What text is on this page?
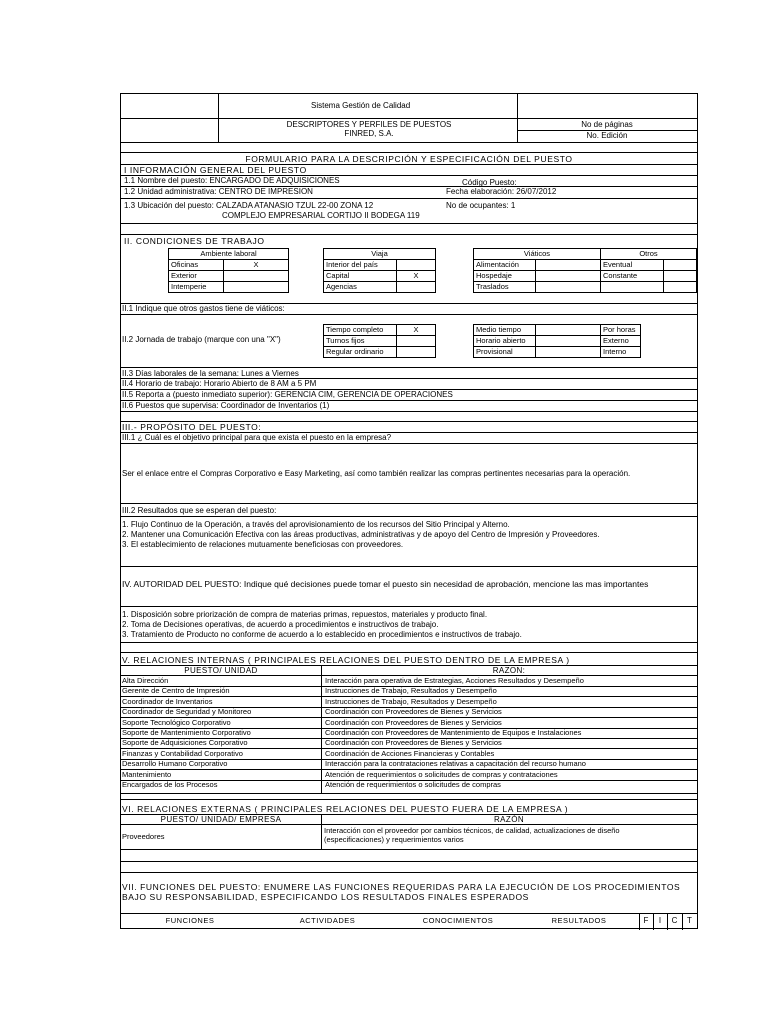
Sistema Gestión de Calidad
DESCRIPTORES Y PERFILES DE PUESTOS
FINRED, S.A.
No de páginas
No. Edición
FORMULARIO PARA LA DESCRIPCIÓN Y ESPECIFICACIÓN DEL PUESTO
I INFORMACIÓN GENERAL DEL PUESTO
1.1 Nombre del puesto: ENCARGADO DE ADQUISICIONES	Código Puesto:
1.2 Unidad administrativa: CENTRO DE IMPRESION	Fecha elaboración: 26/07/2012
1.3 Ubicación del puesto: CALZADA ATANASIO TZUL 22-00 ZONA 12
COMPLEJO EMPRESARIAL CORTIJO II BODEGA 119
No de ocupantes: 1
II. CONDICIONES DE TRABAJO
Ambiente laboral	
Oficinas	X
Exterior	
Intemperie	
Viaja	
Interior del país	
Capital	X
Agencias	
Viáticos		Otros	
Alimentación		Eventual	
Hospedaje		Constante	
Traslados			
II.1 Indique que otros gastos tiene de viáticos:
II.2 Jornada de trabajo (marque con una "X")
Tiempo completo	X
Turnos fijos	
Regular ordinario	
Medio tiempo		Por horas
Horario abierto		Externo
Provisional		Interno
II.3 Días laborales de la semana: Lunes a Viernes
II.4 Horario de trabajo: Horario Abierto de 8 AM a 5 PM
II.5 Reporta a (puesto inmediato superior): GERENCIA CIM, GERENCIA DE OPERACIONES
II.6 Puestos que supervisa: Coordinador de Inventarios (1)
III.- PROPÓSITO DEL PUESTO:
III.1 ¿ Cuál es el objetivo principal para que exista el puesto en la empresa?
Ser el enlace entre el Compras Corporativo e Easy Marketing, así como también realizar las compras pertinentes necesarias para la operación.
III.2 Resultados que se esperan del puesto:
1. Flujo Continuo de la Operación, a través del aprovisionamiento de los recursos del Sitio Principal y Alterno.
2. Mantener una Comunicación Efectiva con las áreas productivas, administrativas y de apoyo del Centro de Impresión y Proveedores.
3. El establecimiento de relaciones mutuamente beneficiosas con proveedores.
IV. AUTORIDAD DEL PUESTO: Indique qué decisiones puede tomar el puesto sin necesidad de aprobación, mencione las mas importantes
1. Disposición sobre priorización de compra de materias primas, repuestos, materiales y producto final.
2. Toma de Decisiones operativas, de acuerdo a procedimientos e instructivos de trabajo.
3. Tratamiento de Producto no conforme de acuerdo a lo establecido en procedimientos e instructivos de trabajo.
V. RELACIONES INTERNAS ( PRINCIPALES RELACIONES DEL PUESTO DENTRO DE LA EMPRESA )
PUESTO/ UNIDAD	RAZON:
Alta Dirección	Interacción para operativa de Estrategias, Acciones Resultados y Desempeño
Gerente de Centro de Impresión	Instrucciones de Trabajo, Resultados y Desempeño
Coordinador de Inventarios	Instrucciones de Trabajo, Resultados y Desempeño
Coordinador de Seguridad y Monitoreo	Coordinación con Proveedores de Bienes y Servicios
Soporte Tecnológico Corporativo	Coordinación con Proveedores de Bienes y Servicios
Soporte de Mantenimiento Corporativo	Coordinación con Proveedores de Mantenimiento de Equipos e Instalaciones
Soporte de Adquisiciones Corporativo	Coordinación con Proveedores de Bienes y Servicios
Finanzas y Contabilidad Corporativo	Coordinación de Acciones Financieras y Contables
Desarrollo Humano Corporativo	Interacción para la contrataciones relativas a capacitación del recurso humano
Mantenimiento	Atención de requerimientos o solicitudes de compras y contrataciones
Encargados de los Procesos	Atención de requerimientos o solicitudes de compras
VI. RELACIONES EXTERNAS ( PRINCIPALES RELACIONES DEL PUESTO FUERA DE LA EMPRESA )
PUESTO/ UNIDAD/ EMPRESA	RAZÓN
Proveedores
Interacción con el proveedor por cambios técnicos, de calidad, actualizaciones de diseño
(especificaciones) y requerimientos varios
VII. FUNCIONES DEL PUESTO: ENUMERE LAS FUNCIONES REQUERIDAS PARA LA EJECUCIÓN DE LOS PROCEDIMIENTOS
BAJO SU RESPONSABILIDAD, ESPECIFICANDO LOS RESULTADOS FINALES ESPERADOS
FUNCIONES	ACTIVIDADES	CONOCIMIENTOS	RESULTADOS	F	I	C	T
